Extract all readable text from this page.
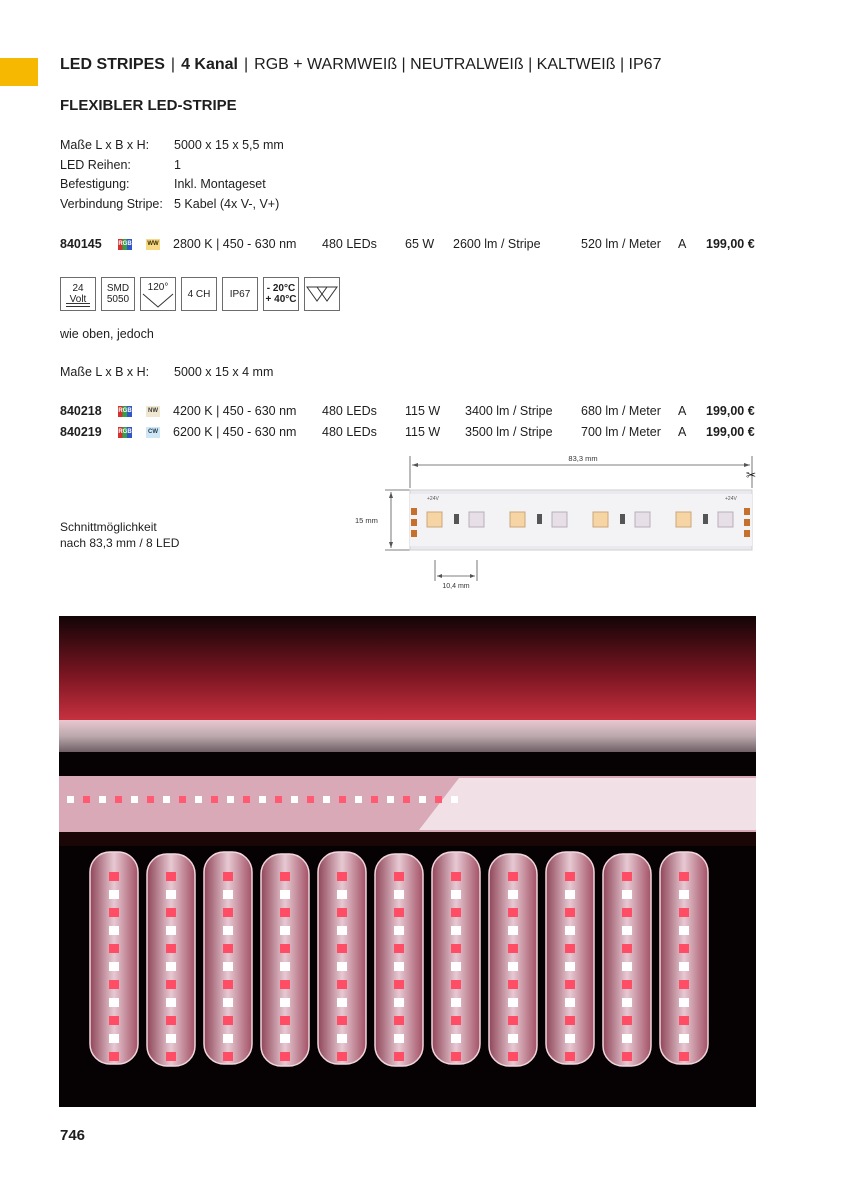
LED STRIPES | 4 Kanal | RGB + WARMWEIß | NEUTRALWEIß | KALTWEIß | IP67
FLEXIBLER LED-STRIPE
Maße L x B x H:	5000 x 15 x 5,5 mm
LED Reihen:	1
Befestigung:	Inkl. Montageset
Verbindung Stripe: 5 Kabel (4x V-, V+)
840145	RGB	WW 2800 K | 450 - 630 nm 480 LEDs 65 W 2600 lm / Stripe	520 lm / Meter A 199,00 €
24
Volt
SMD
5050
120°
4 CH	IP67	- 20°C
+ 40°C
wie oben, jedoch
Maße L x B x H:	5000 x 15 x 4 mm
840218	RGB	NW 4200 K | 450 - 630 nm 480 LEDs 115 W 3400 lm / Stripe 680 lm / Meter A 199,00 €
840219	RGB	CW 6200 K | 450 - 630 nm 480 LEDs 115 W 3500 lm / Stripe 700 lm / Meter A 199,00 €
Schnittmöglichkeit
nach 83,3 mm / 8 LED
83,3 mm
✂
15 mm
+24V	+24V
10,4 mm
746
